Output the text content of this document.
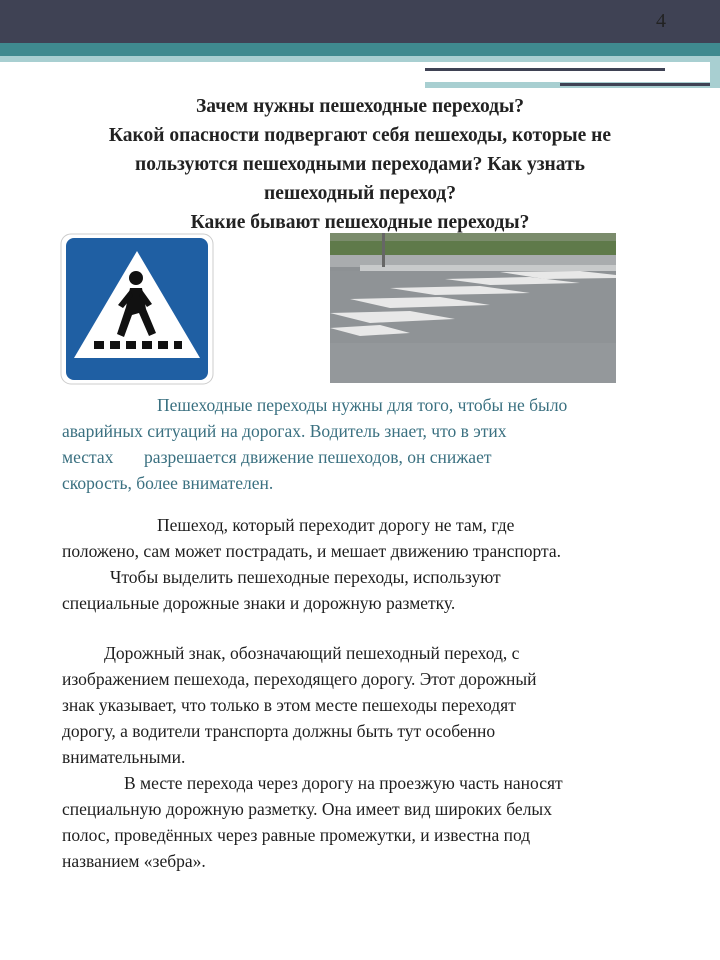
4
Зачем нужны пешеходные переходы?
Какой опасности подвергают себя пешеходы, которые не
пользуются пешеходными переходами? Как узнать
пешеходный переход?
Какие бывают пешеходные переходы?

Пешеходные переходы нужны для того, чтобы не было

аварийных ситуаций на дорогах. Водитель знает, что в этих

местах       разрешается движение пешеходов, он снижает

скорость, более внимателен.

Пешеход, который переходит дорогу не там, где

положено, сам может пострадать, и мешает движению транспорта.

Чтобы выделить пешеходные переходы, используют

специальные дорожные знаки и дорожную разметку.

Дорожный знак, обозначающий пешеходный переход, с

изображением пешехода, переходящего дорогу. Этот дорожный

знак указывает, что только в этом месте пешеходы переходят

дорогу, а водители транспорта должны быть тут особенно

внимательными.

В месте перехода через дорогу на проезжую часть наносят

специальную дорожную разметку. Она имеет вид широких белых

полос, проведённых через равные промежутки, и известна под

названием «зебра».
